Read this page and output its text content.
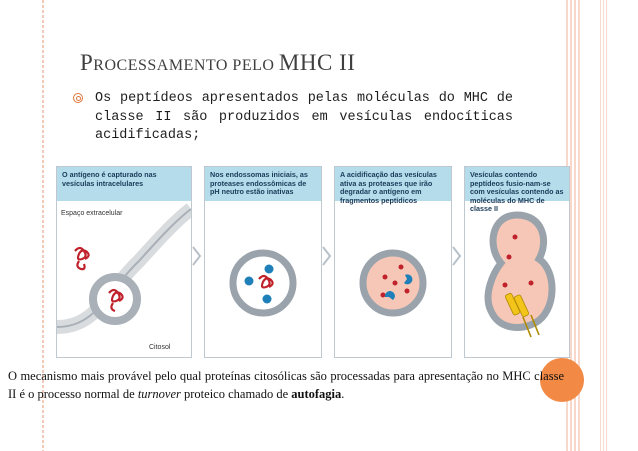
PROCESSAMENTO PELO MHC II
Os peptídeos apresentados pelas moléculas do MHC de classe II são produzidos em vesículas endocíticas acidificadas;
O antígeno é capturado nas vesículas intracelulares
Espaço extracelular
Citosol
Nos endossomas iniciais, as proteases endossômicas de pH neutro estão inativas
A acidificação das vesículas ativa as proteases que irão degradar o antígeno em fragmentos peptídicos
Vesículas contendo peptídeos fusio-nam-se com vesículas contendo as moléculas do MHC de classe II
O mecanismo mais provável pelo qual proteínas citosólicas são processadas para apresentação no MHC classe II é o processo normal de turnover proteico chamado de autofagia.
